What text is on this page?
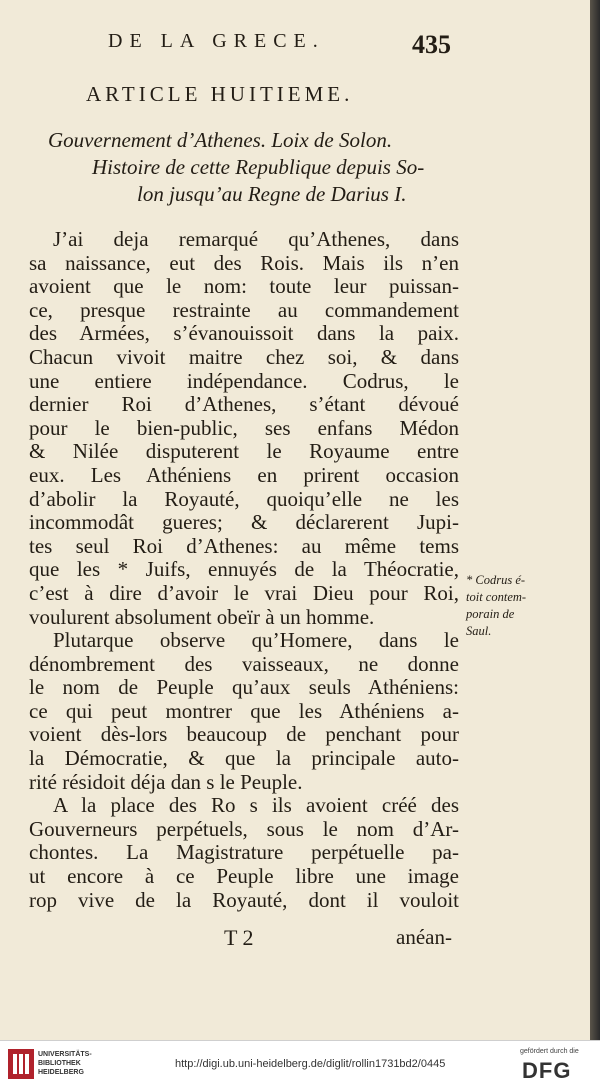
DE LA GRECE.	435
ARTICLE HUITIEME.
Gouvernement d’Athenes. Loix de Solon.
Histoire de cette Republique depuis So-
lon jusqu’au Regne de Darius I.
J’ai deja remarqué qu’Athenes, dans
sa naissance, eut des Rois. Mais ils n’en
avoient que le nom: toute leur puissan-
ce, presque restrainte au commandement
des Armées, s’évanouissoit dans la paix.
Chacun vivoit maitre chez soi, & dans
une entiere indépendance. Codrus, le
dernier Roi d’Athenes, s’étant dévoué
pour le bien-public, ses enfans Médon
& Nilée disputerent le Royaume entre
eux. Les Athéniens en prirent occasion
d’abolir la Royauté, quoiqu’elle ne les
incommodât gueres; & déclarerent Jupi-
tes seul Roi d’Athenes: au même tems
que les * Juifs, ennuyés de la Théocratie,
c’est à dire d’avoir le vrai Dieu pour Roi,
voulurent absolument obeïr à un homme.
Plutarque observe qu’Homere, dans le
dénombrement des vaisseaux, ne donne
le nom de Peuple qu’aux seuls Athéniens:
ce qui peut montrer que les Athéniens a-
voient dès-lors beaucoup de penchant pour
la Démocratie, & que la principale auto-
rité résidoit déja dan s le Peuple.
A la place des Ro s ils avoient créé des
Gouverneurs perpétuels, sous le nom d’Ar-
chontes. La Magistrature perpétuelle pa-
ut encore à ce Peuple libre une image
rop vive de la Royauté, dont il vouloit
* Codrus é-
toit contem-
porain de
Saul.
T 2	anéan-
UNIVERSITÄTS-
BIBLIOTHEK
HEIDELBERG
http://digi.ub.uni-heidelberg.de/diglit/rollin1731bd2/0445
gefördert durch die
DFG
